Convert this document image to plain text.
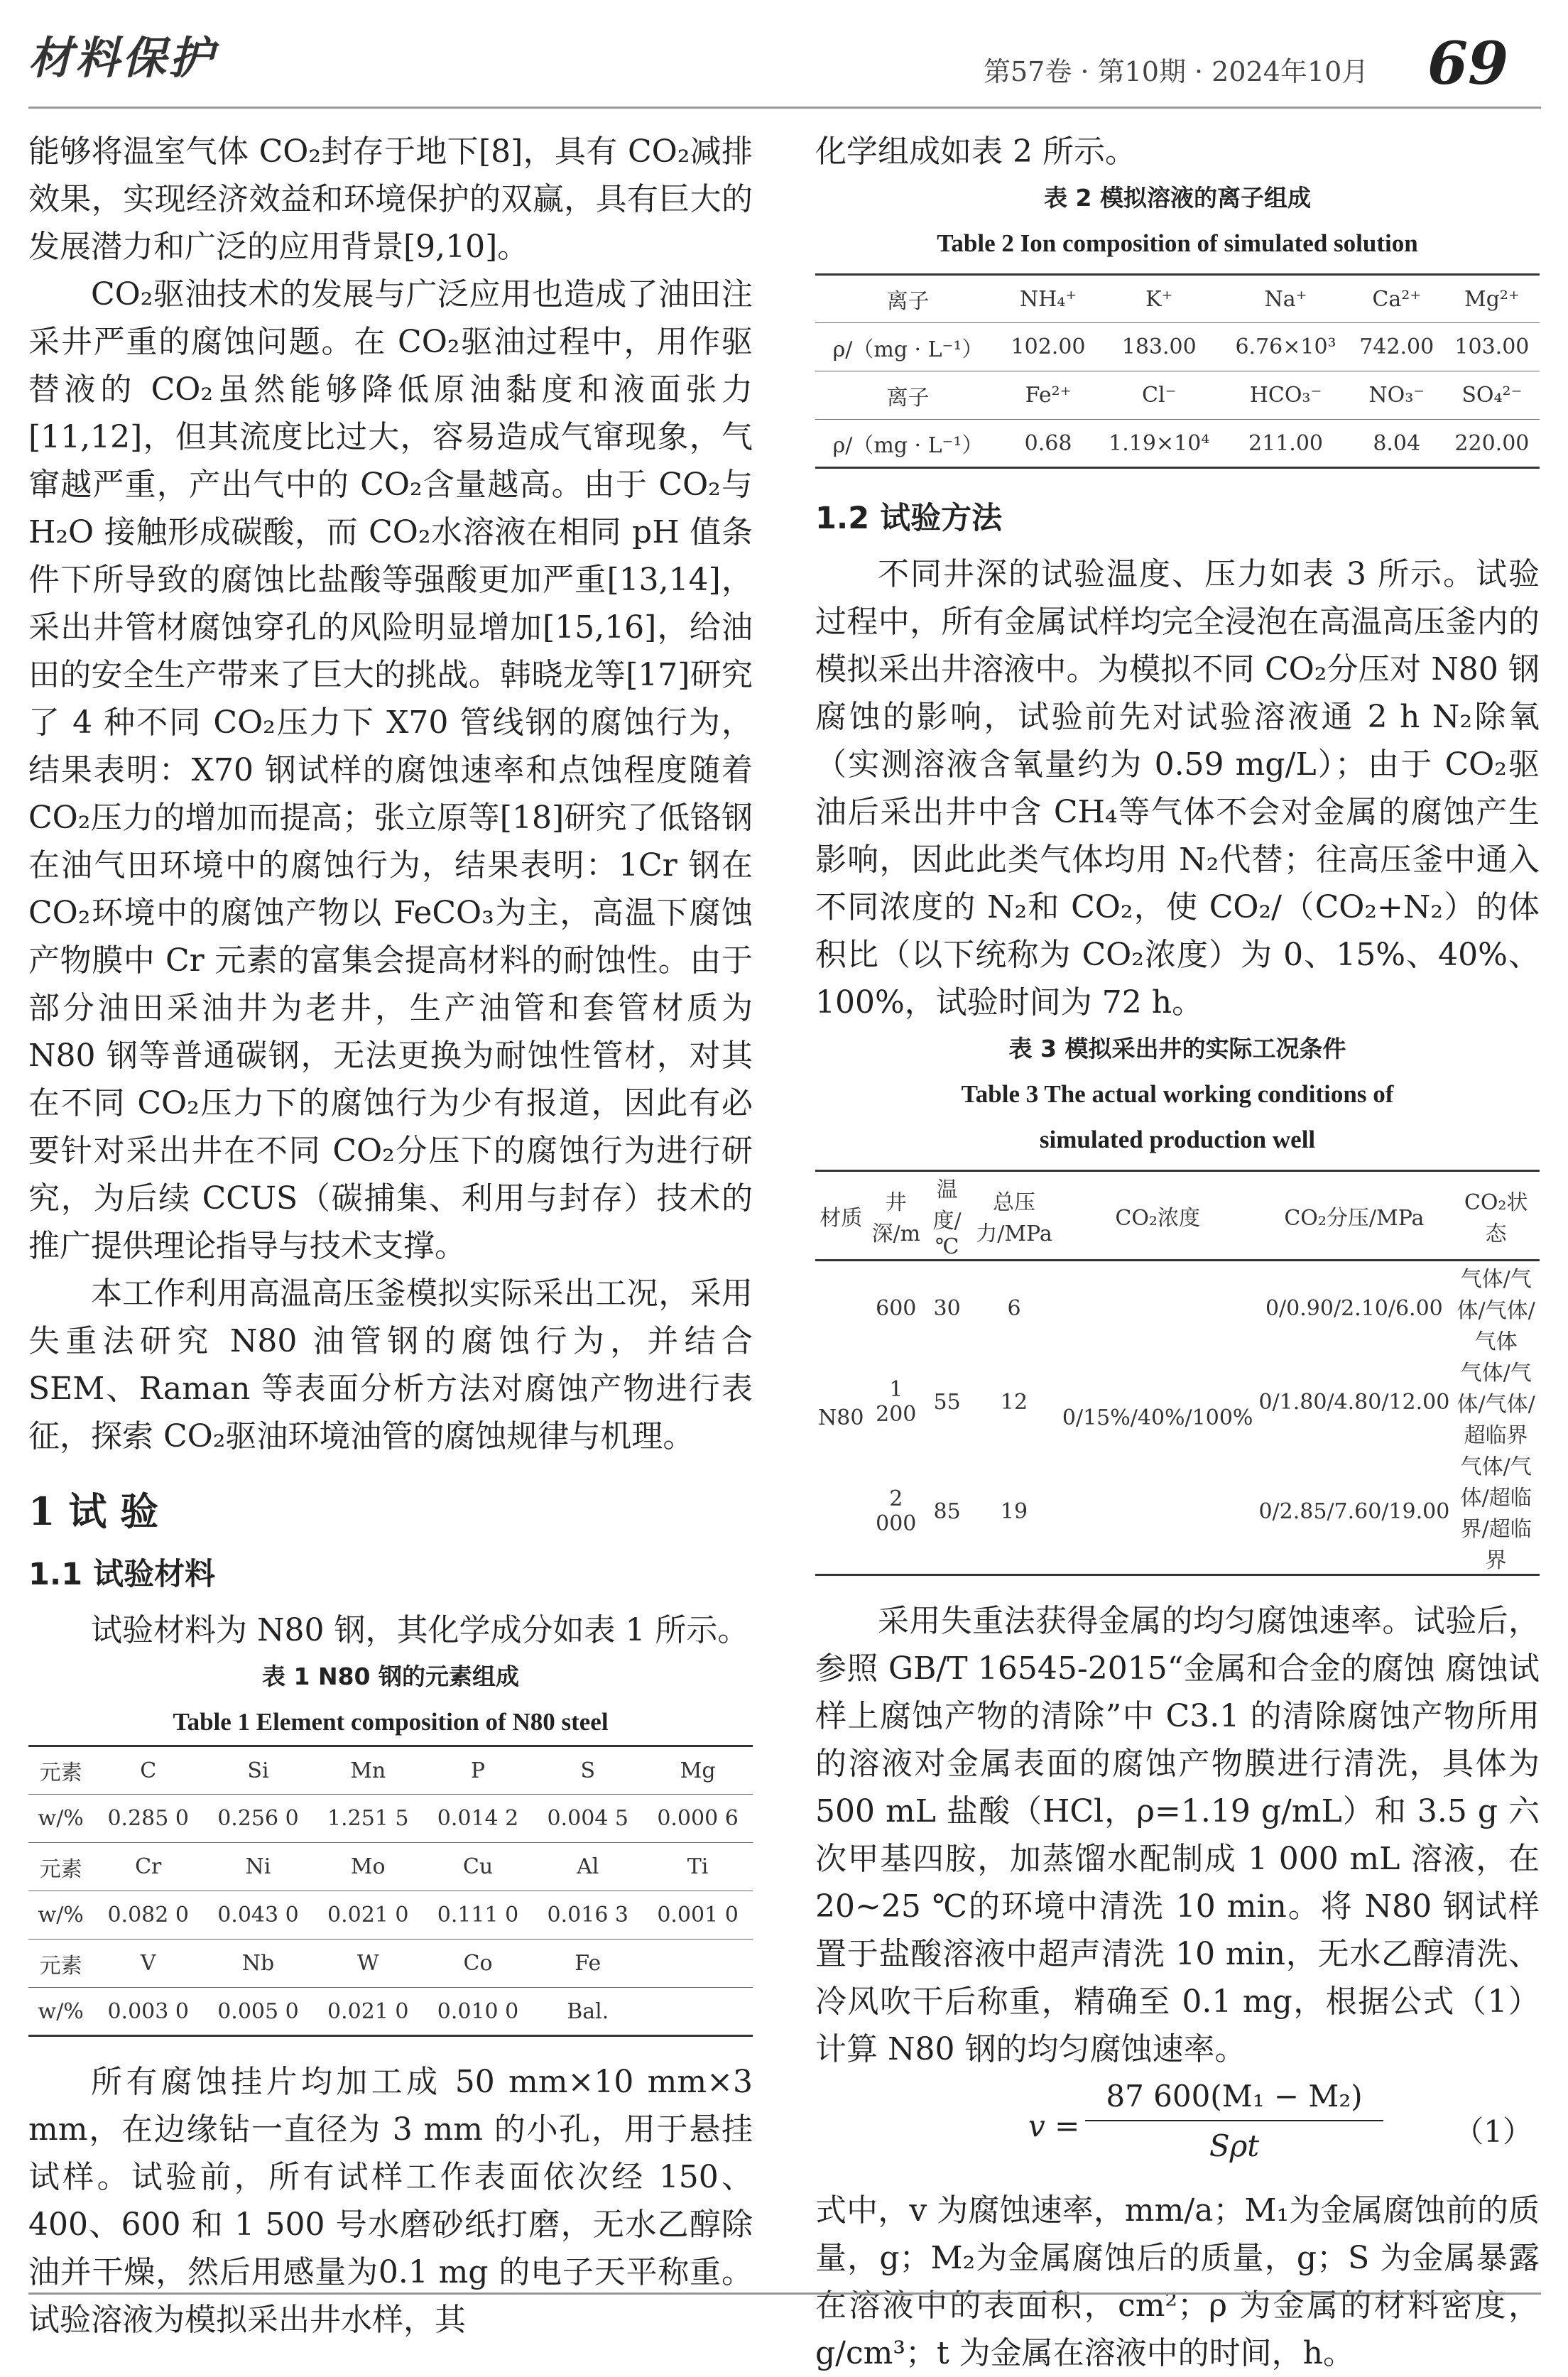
材料保护	第57卷 · 第10期 · 2024年10月 69

能够将温室气体 CO₂封存于地下[8]，具有 CO₂减排效果，实现经济效益和环境保护的双赢，具有巨大的发展潜力和广泛的应用背景[9,10]。

CO₂驱油技术的发展与广泛应用也造成了油田注采井严重的腐蚀问题。在 CO₂驱油过程中，用作驱替液的 CO₂虽然能够降低原油黏度和液面张力[11,12]，但其流度比过大，容易造成气窜现象，气窜越严重，产出气中的 CO₂含量越高。由于 CO₂与 H₂O 接触形成碳酸，而 CO₂水溶液在相同 pH 值条件下所导致的腐蚀比盐酸等强酸更加严重[13,14]，采出井管材腐蚀穿孔的风险明显增加[15,16]，给油田的安全生产带来了巨大的挑战。韩晓龙等[17]研究了 4 种不同 CO₂压力下 X70 管线钢的腐蚀行为，结果表明：X70 钢试样的腐蚀速率和点蚀程度随着 CO₂压力的增加而提高；张立原等[18]研究了低铬钢在油气田环境中的腐蚀行为，结果表明：1Cr 钢在 CO₂环境中的腐蚀产物以 FeCO₃为主，高温下腐蚀产物膜中 Cr 元素的富集会提高材料的耐蚀性。由于部分油田采油井为老井，生产油管和套管材质为 N80 钢等普通碳钢，无法更换为耐蚀性管材，对其在不同 CO₂压力下的腐蚀行为少有报道，因此有必要针对采出井在不同 CO₂分压下的腐蚀行为进行研究，为后续 CCUS（碳捕集、利用与封存）技术的推广提供理论指导与技术支撑。

本工作利用高温高压釜模拟实际采出工况，采用失重法研究 N80 油管钢的腐蚀行为，并结合 SEM、Raman 等表面分析方法对腐蚀产物进行表征，探索 CO₂驱油环境油管的腐蚀规律与机理。

1 试 验
1.1 试验材料

试验材料为 N80 钢，其化学成分如表 1 所示。

表 1 N80 钢的元素组成
Table 1 Element composition of N80 steel
元素	C	Si	Mn	P	S	Mg
w/%	0.285 0	0.256 0	1.251 5	0.014 2	0.004 5	0.000 6
元素	Cr	Ni	Mo	Cu	Al	Ti
w/%	0.082 0	0.043 0	0.021 0	0.111 0	0.016 3	0.001 0
元素	V	Nb	W	Co	Fe	
w/%	0.003 0	0.005 0	0.021 0	0.010 0	Bal.	

所有腐蚀挂片均加工成 50 mm×10 mm×3 mm，在边缘钻一直径为 3 mm 的小孔，用于悬挂试样。试验前，所有试样工作表面依次经 150、400、600 和 1 500 号水磨砂纸打磨，无水乙醇除油并干燥，然后用感量为0.1 mg 的电子天平称重。试验溶液为模拟采出井水样，其

化学组成如表 2 所示。

表 2 模拟溶液的离子组成
Table 2 Ion composition of simulated solution
离子	NH₄⁺	K⁺	Na⁺	Ca²⁺	Mg²⁺
ρ/（mg · L⁻¹）	102.00	183.00	6.76×10³	742.00	103.00
离子	Fe²⁺	Cl⁻	HCO₃⁻	NO₃⁻	SO₄²⁻
ρ/（mg · L⁻¹）	0.68	1.19×10⁴	211.00	8.04	220.00
1.2 试验方法

不同井深的试验温度、压力如表 3 所示。试验过程中，所有金属试样均完全浸泡在高温高压釜内的模拟采出井溶液中。为模拟不同 CO₂分压对 N80 钢腐蚀的影响，试验前先对试验溶液通 2 h N₂除氧（实测溶液含氧量约为 0.59 mg/L）；由于 CO₂驱油后采出井中含 CH₄等气体不会对金属的腐蚀产生影响，因此此类气体均用 N₂代替；往高压釜中通入不同浓度的 N₂和 CO₂，使 CO₂/（CO₂+N₂）的体积比（以下统称为 CO₂浓度）为 0、15%、40%、100%，试验时间为 72 h。

表 3 模拟采出井的实际工况条件
Table 3 The actual working conditions of
simulated production well
材质	井深/m	温度/℃	总压力/MPa	CO₂浓度	CO₂分压/MPa	CO₂状态
N80	600	30	6	0/15%/40%/100%	0/0.90/2.10/6.00	气体/气体/气体/气体
	1 200	55	12		0/1.80/4.80/12.00	气体/气体/气体/超临界
	2 000	85	19		0/2.85/7.60/19.00	气体/气体/超临界/超临界

采用失重法获得金属的均匀腐蚀速率。试验后，参照 GB/T 16545-2015“金属和合金的腐蚀 腐蚀试样上腐蚀产物的清除”中 C3.1 的清除腐蚀产物所用的溶液对金属表面的腐蚀产物膜进行清洗，具体为 500 mL 盐酸（HCl，ρ=1.19 g/mL）和 3.5 g 六次甲基四胺，加蒸馏水配制成 1 000 mL 溶液，在 20~25 ℃的环境中清洗 10 min。将 N80 钢试样置于盐酸溶液中超声清洗 10 min，无水乙醇清洗、冷风吹干后称重，精确至 0.1 mg，根据公式（1）计算 N80 钢的均匀腐蚀速率。

v =
87 600(M₁ − M₂)
Sρt	（1）

式中，v 为腐蚀速率，mm/a；M₁为金属腐蚀前的质量，g；M₂为金属腐蚀后的质量，g；S 为金属暴露在溶液中的表面积，cm²；ρ 为金属的材料密度，g/cm³；t 为金属在溶液中的时间，h。
